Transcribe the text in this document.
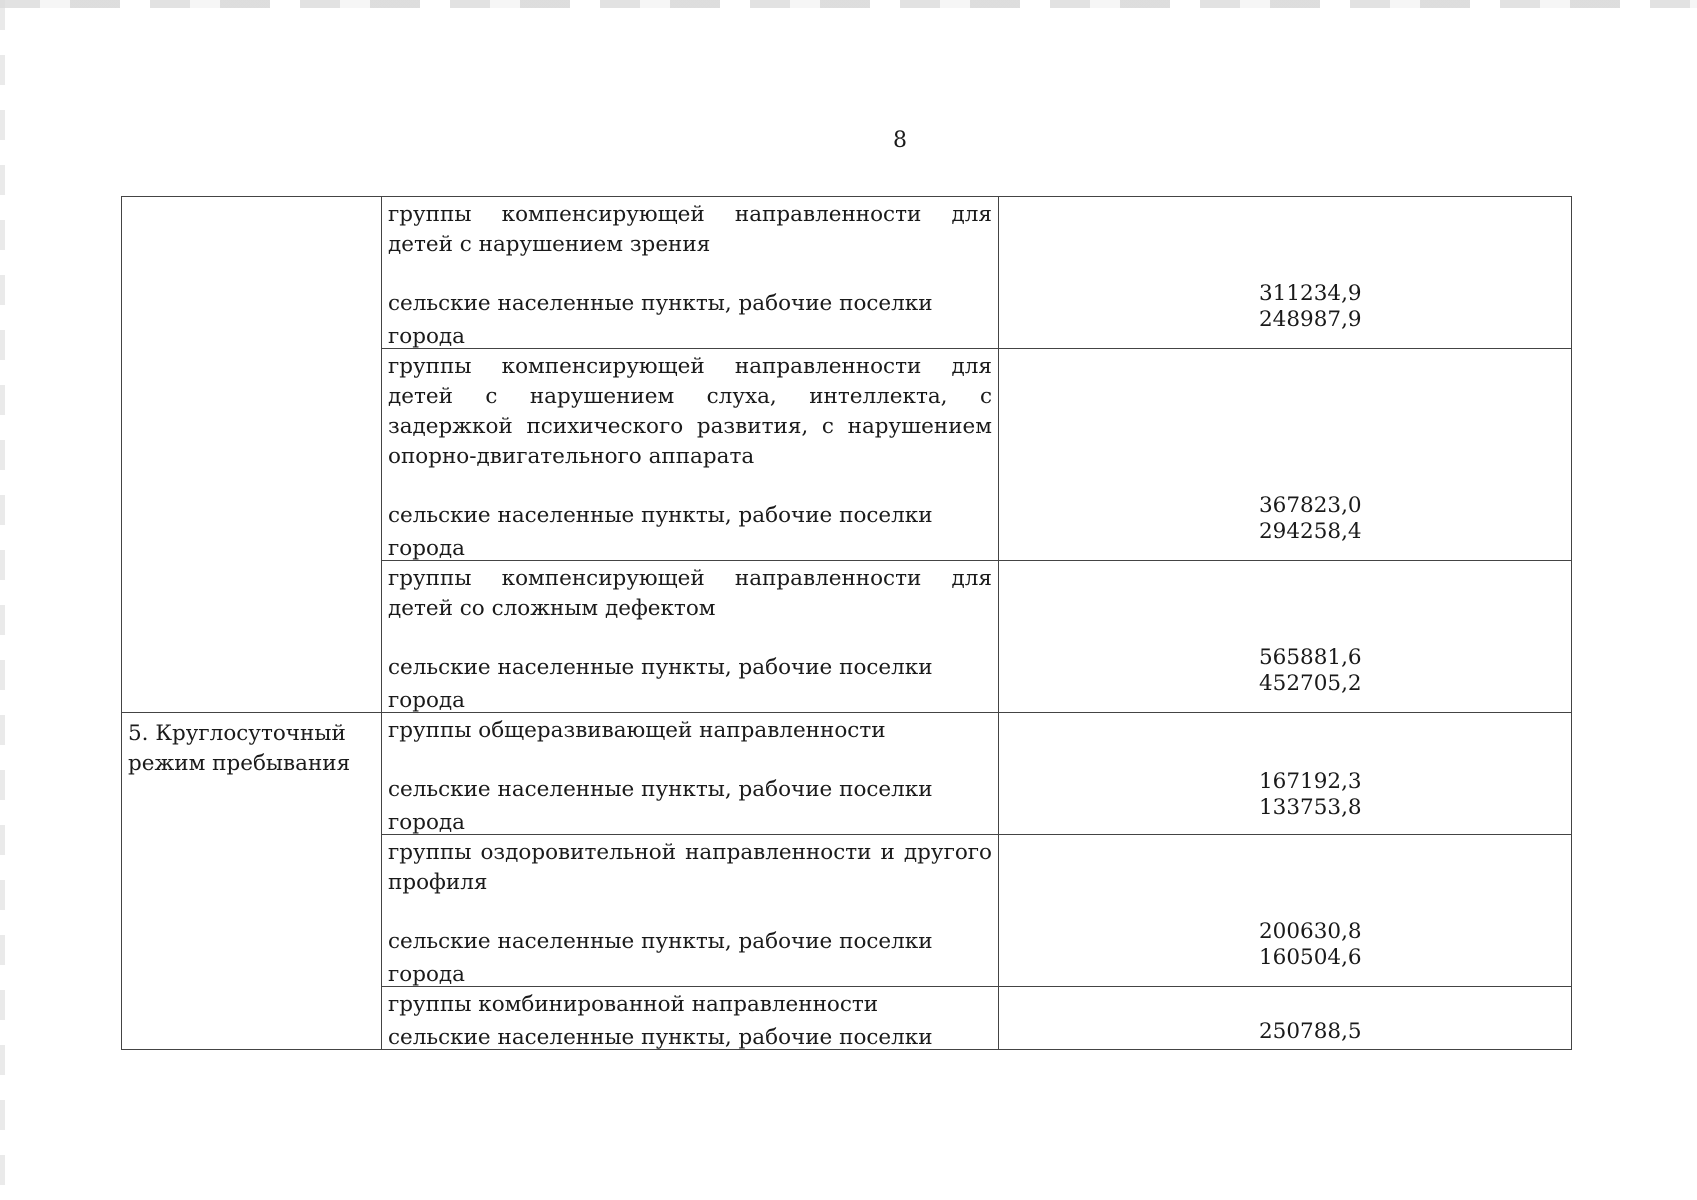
8

	группы компенсирующей направленности для детей с нарушением зрения
сельские населенные пункты, рабочие поселки
города	311234,9
248987,9

	группы компенсирующей направленности для детей с нарушением слуха, интеллекта, с задержкой психического развития, с нарушением опорно-двигательного аппарата
сельские населенные пункты, рабочие поселки
города	367823,0
294258,4

	группы компенсирующей направленности для детей со сложным дефектом
сельские населенные пункты, рабочие поселки
города	565881,6
452705,2

5. Круглосуточный режим пребывания	группы общеразвивающей направленности
сельские населенные пункты, рабочие поселки
города	167192,3
133753,8

	группы оздоровительной направленности и другого профиля
сельские населенные пункты, рабочие поселки
города	200630,8
160504,6

	группы комбинированной направленности
сельские населенные пункты, рабочие поселки	250788,5
